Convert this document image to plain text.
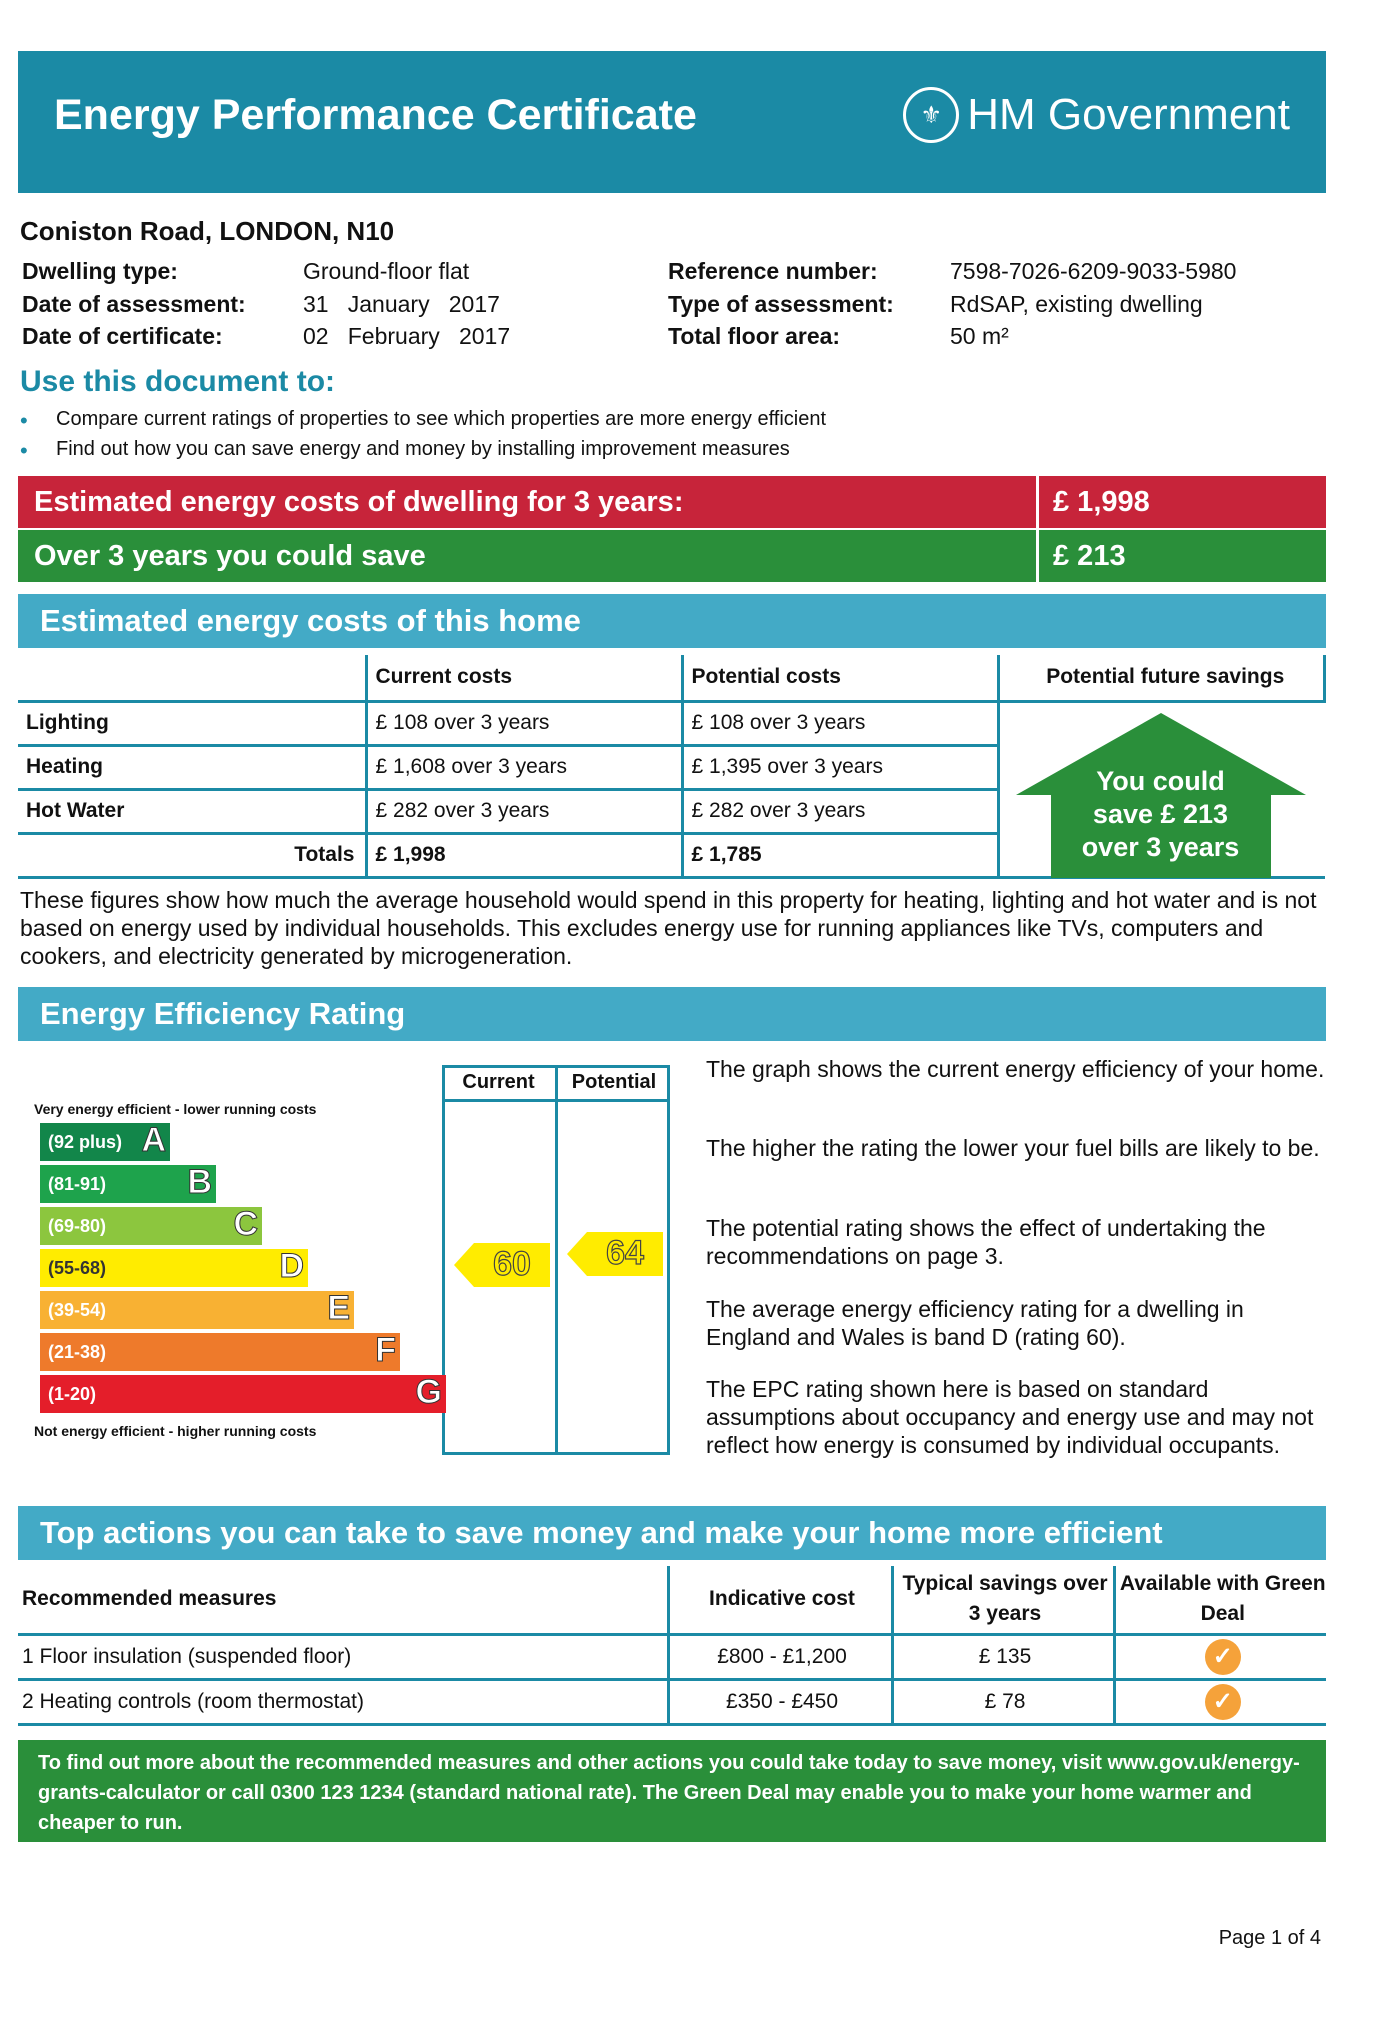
Energy Performance Certificate	⚜ HM Government
Coniston Road, LONDON, N10
Dwelling type:	Ground-floor flat
Date of assessment: 31   January   2017
Date of certificate:	02   February   2017
Reference number:	7598-7026-6209-9033-5980
Type of assessment: RdSAP, existing dwelling
Total floor area:	50 m²
Use this document to:
•	Compare current ratings of properties to see which properties are more energy efficient
•	Find out how you can save energy and money by installing improvement measures
Estimated energy costs of dwelling for 3 years:	£ 1,998
Over 3 years you could save	£ 213
Estimated energy costs of this home
	Current costs	Potential costs	Potential future savings
Lighting	£ 108 over 3 years	£ 108 over 3 years	You could
save £ 213
over 3 years

Heating	£ 1,608 over 3 years	£ 1,395 over 3 years	
Hot Water	£ 282 over 3 years	£ 282 over 3 years	
Totals	£ 1,998	£ 1,785	
These figures show how much the average household would spend in this property for heating, lighting and hot water and is not based on energy used by individual households. This excludes energy use for running appliances like TVs, computers and cookers, and electricity generated by microgeneration.
Energy Efficiency Rating
Current	Potential
Very energy efficient - lower running costs
(92 plus) A
(81-91) B
(69-80)	C
(55-68)	D
(39-54)	E
(21-38)	F
(1-20)	G
Not energy efficient - higher running costs
60	64
The graph shows the current energy efficiency of your home.
The higher the rating the lower your fuel bills are likely to be.
The potential rating shows the effect of undertaking the recommendations on page 3.
The average energy efficiency rating for a dwelling in England and Wales is band D (rating 60).
The EPC rating shown here is based on standard assumptions about occupancy and energy use and may not reflect how energy is consumed by individual occupants.
Top actions you can take to save money and make your home more efficient
Recommended measures	Indicative cost	Typical savings over 3 years	Available with Green Deal
1 Floor insulation (suspended floor)	£800 - £1,200	£ 135	✓
2 Heating controls (room thermostat)	£350 - £450	£ 78	✓
To find out more about the recommended measures and other actions you could take today to save money, visit www.gov.uk/energy-grants-calculator or call 0300 123 1234 (standard national rate). The Green Deal may enable you to make your home warmer and cheaper to run.
Page 1 of 4
